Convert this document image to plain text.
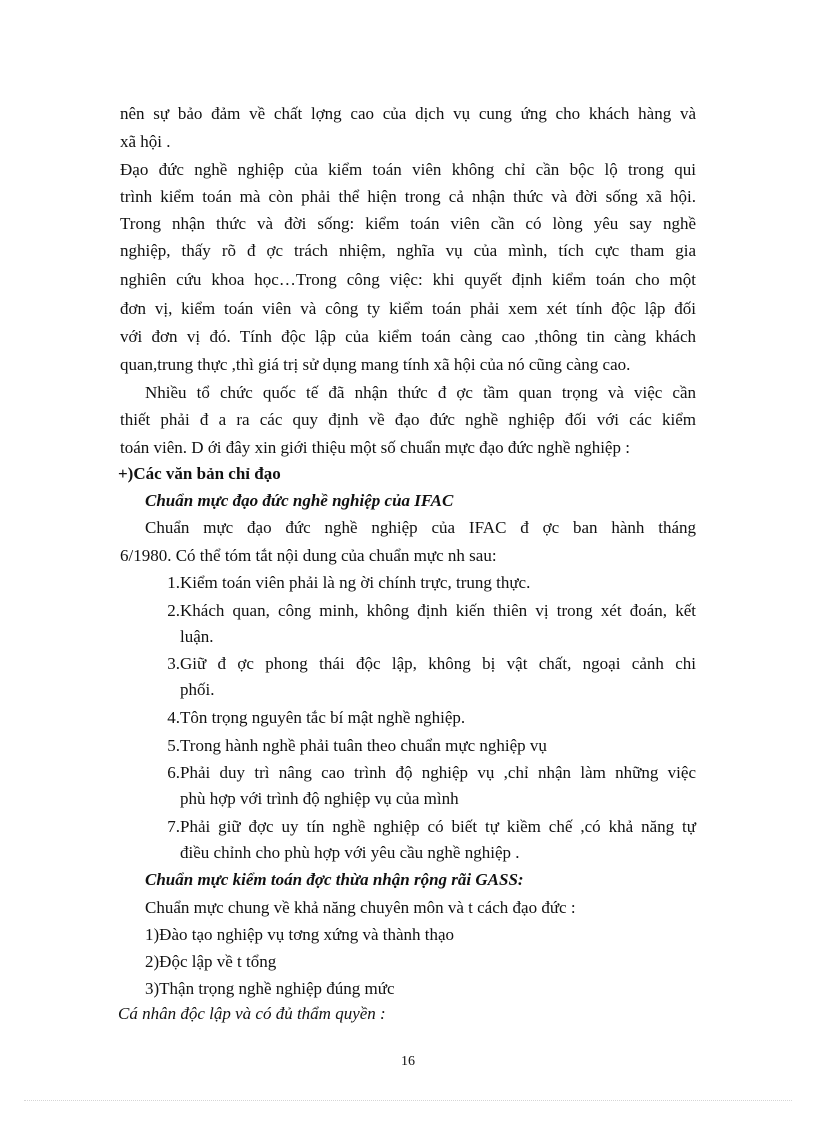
nên sự bảo đảm về chất lợng cao của dịch vụ cung ứng cho khách hàng và
xã hội .
Đạo đức nghề nghiệp của kiểm toán viên không chỉ cần bộc lộ trong qui
trình kiểm toán mà còn phải thể hiện trong cả nhận thức và đời sống xã hội.
Trong nhận thức và đời sống: kiểm toán viên cần có lòng yêu say nghề
nghiệp, thấy rõ đ ợc trách nhiệm, nghĩa vụ của mình, tích cực tham gia
nghiên cứu khoa học…Trong công việc: khi quyết định kiểm toán cho một
đơn vị, kiểm toán viên và công ty kiểm toán phải xem xét tính độc lập đối
với đơn vị đó. Tính độc lập của kiểm toán càng cao ,thông tin càng khách
quan,trung thực ,thì giá trị sử dụng mang tính xã hội của nó cũng càng cao.
Nhiều tổ chức quốc tế đã nhận thức đ ợc tầm quan trọng và việc cần
thiết phải đ a ra các quy định về đạo đức nghề nghiệp đối với các kiểm
toán viên. D ới đây xin giới thiệu một số chuẩn mực đạo đức nghề nghiệp :
+)Các văn bản chỉ đạo
Chuẩn mực đạo đức nghề nghiệp của IFAC
Chuẩn mực đạo đức nghề nghiệp của IFAC đ ợc ban hành tháng
6/1980. Có thể tóm tắt nội dung của chuẩn mực nh sau:
1. Kiểm toán viên phải là ng ời chính trực, trung thực.
2. Khách quan, công minh, không định kiến thiên vị trong xét đoán, kết
luận.
3. Giữ đ ợc phong thái độc lập, không bị vật chất, ngoại cảnh chi
phối.
4. Tôn trọng nguyên tắc bí mật nghề nghiệp.
5. Trong hành nghề phải tuân theo chuẩn mực nghiệp vụ
6. Phải duy trì nâng cao trình độ nghiệp vụ ,chỉ nhận làm những việc
phù hợp với trình độ nghiệp vụ của mình
7. Phải giữ đợc uy tín nghề nghiệp có biết tự kiềm chế ,có khả năng tự
điều chỉnh cho phù hợp với yêu cầu nghề nghiệp .
Chuẩn mực kiểm toán đợc thừa nhận rộng rãi GASS:
Chuẩn mực chung về khả năng chuyên môn và t cách đạo đức :
1)Đào tạo nghiệp vụ tơng xứng và thành thạo
2)Độc lập về t tổng
3)Thận trọng nghề nghiệp đúng mức
Cá nhân độc lập và có đủ thẩm quyền :
16
